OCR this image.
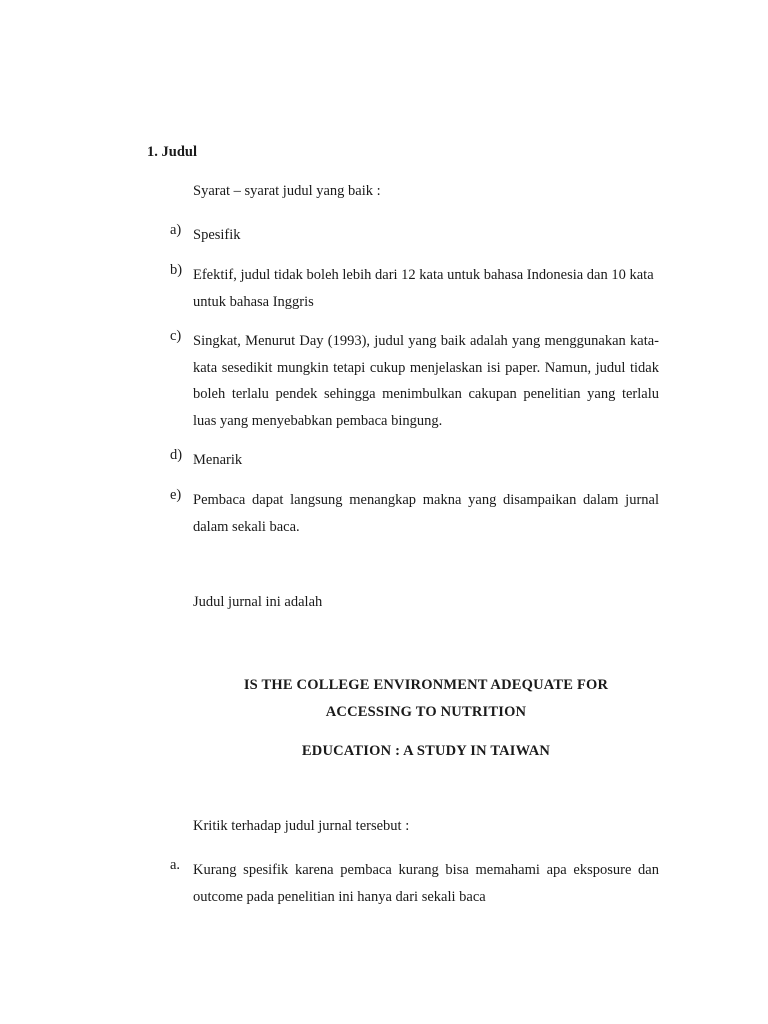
1. Judul
Syarat – syarat judul yang baik :
a) Spesifik
b) Efektif, judul tidak boleh lebih dari 12 kata untuk bahasa Indonesia dan 10 kata untuk bahasa Inggris
c) Singkat, Menurut Day (1993), judul yang baik adalah yang menggunakan kata-kata sesedikit mungkin tetapi cukup menjelaskan isi paper. Namun, judul tidak boleh terlalu pendek sehingga menimbulkan cakupan penelitian yang terlalu luas yang menyebabkan pembaca bingung.
d) Menarik
e) Pembaca dapat langsung menangkap makna yang disampaikan dalam jurnal dalam sekali baca.
Judul jurnal ini adalah
IS THE COLLEGE ENVIRONMENT ADEQUATE FOR
ACCESSING TO NUTRITION
EDUCATION : A STUDY IN TAIWAN
Kritik terhadap judul jurnal tersebut :
a. Kurang spesifik karena pembaca kurang bisa memahami apa eksposure dan outcome pada penelitian ini hanya dari sekali baca
